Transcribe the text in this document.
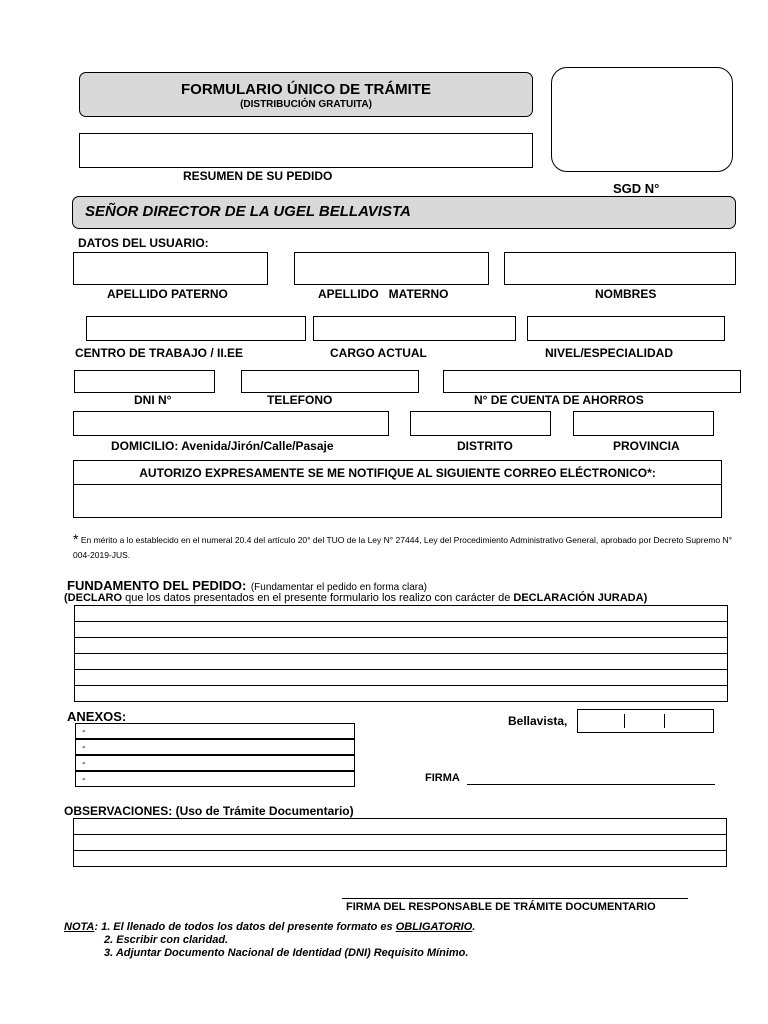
FORMULARIO ÚNICO DE TRÁMITE
(DISTRIBUCIÓN GRATUITA)
RESUMEN DE SU PEDIDO
SGD N°
SEÑOR DIRECTOR DE LA UGEL BELLAVISTA
DATOS DEL USUARIO:
APELLIDO PATERNO	APELLIDO   MATERNO	NOMBRES
CENTRO DE TRABAJO / II.EE	CARGO ACTUAL	NIVEL/ESPECIALIDAD
DNI N°	TELEFONO	N° DE CUENTA DE AHORROS
DOMICILIO: Avenida/Jirón/Calle/Pasaje	DISTRITO	PROVINCIA
AUTORIZO EXPRESAMENTE SE ME NOTIFIQUE AL SIGUIENTE CORREO ELÉCTRONICO*:
* En mérito a lo establecido en el numeral 20.4 del artículo 20° del TUO de la Ley N° 27444, Ley del Procedimiento Administrativo General, aprobado por Decreto Supremo N° 004-2019-JUS.
FUNDAMENTO DEL PEDIDO: (Fundamentar el pedido en forma clara)
(DECLARO que los datos presentados en el presente formulario los realizo con carácter de DECLARACIÓN JURADA)

ANEXOS:
-
-
-
-
Bellavista,
FIRMA
OBSERVACIONES: (Uso de Trámite Documentario)

FIRMA DEL RESPONSABLE DE TRÁMITE DOCUMENTARIO
NOTA: 1. El llenado de todos los datos del presente formato es OBLIGATORIO.
2. Escribir con claridad.
3. Adjuntar Documento Nacional de Identidad (DNI) Requisito Mínimo.
